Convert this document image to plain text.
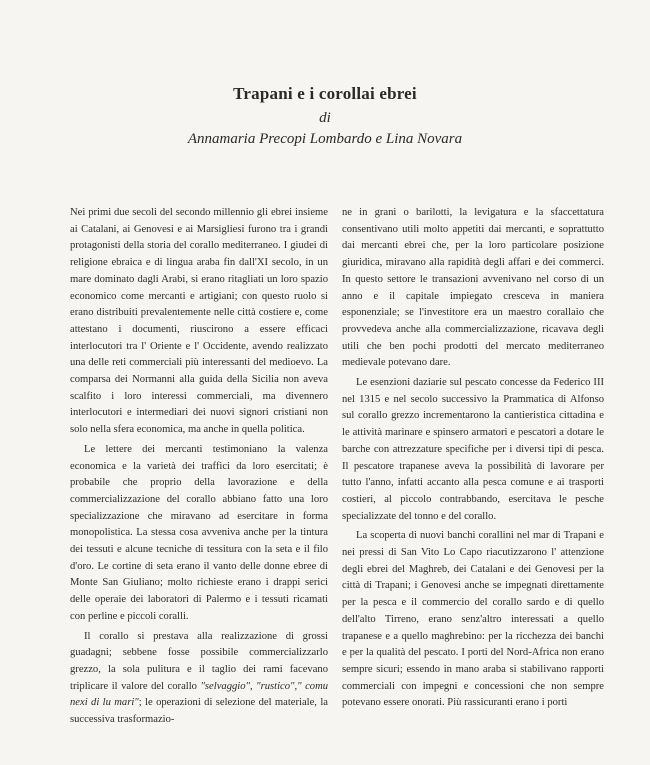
Trapani e i corollai ebrei

di

Annamaria Precopi Lombardo e Lina Novara

Nei primi due secoli del secondo millennio gli ebrei insieme ai Catalani, ai Genovesi e ai Marsigliesi furono tra i grandi protagonisti della storia del corallo mediterraneo. I giudei di religione ebraica e di lingua araba fin dall'XI secolo, in un mare dominato dagli Arabi, si erano ritagliati un loro spazio economico come mercanti e artigiani; con questo ruolo si erano distribuiti prevalentemente nelle città costiere e, come attestano i documenti, riuscirono a essere efficaci interlocutori tra l' Oriente e l' Occidente, avendo realizzato una delle reti commerciali più interessanti del medioevo. La comparsa dei Normanni alla guida della Sicilia non aveva scalfito i loro interessi commerciali, ma divennero interlocutori e intermediari dei nuovi signori cristiani non solo nella sfera economica, ma anche in quella politica.

Le lettere dei mercanti testimoniano la valenza economica e la varietà dei traffici da loro esercitati; è probabile che proprio della lavorazione e della commercializzazione del corallo abbiano fatto una loro specializzazione che miravano ad esercitare in forma monopolistica. La stessa cosa avveniva anche per la tintura dei tessuti e alcune tecniche di tessitura con la seta e il filo d'oro. Le cortine di seta erano il vanto delle donne ebree di Monte San Giuliano; molto richieste erano i drappi serici delle operaie dei laboratori di Palermo e i tessuti ricamati con perline e piccoli coralli.

Il corallo si prestava alla realizzazione di grossi guadagni; sebbene fosse possibile commercializzarlo grezzo, la sola pulitura e il taglio dei rami facevano triplicare il valore del corallo "selvaggio", "rustico"," comu nexi di lu mari"; le operazioni di selezione del materiale, la successiva trasformazio-

ne in grani o barilotti, la levigatura e la sfaccettatura consentivano utili molto appetiti dai mercanti, e soprattutto dai mercanti ebrei che, per la loro particolare posizione giuridica, miravano alla rapidità degli affari e dei commerci. In questo settore le transazioni avvenivano nel corso di un anno e il capitale impiegato cresceva in maniera esponenziale; se l'investitore era un maestro corallaio che provvedeva anche alla commercializzazione, ricavava degli utili che ben pochi prodotti del mercato mediterraneo medievale potevano dare.

Le esenzioni daziarie sul pescato concesse da Federico III nel 1315 e nel secolo successivo la Prammatica di Alfonso sul corallo grezzo incrementarono la cantieristica cittadina e le attività marinare e spinsero armatori e pescatori a dotare le barche con attrezzature specifiche per i diversi tipi di pesca. Il pescatore trapanese aveva la possibilità di lavorare per tutto l'anno, infatti accanto alla pesca comune e ai trasporti costieri, al piccolo contrabbando, esercitava le pesche specializzate del tonno e del corallo.

La scoperta di nuovi banchi corallini nel mar di Trapani e nei pressi di San Vito Lo Capo riacutizzarono l' attenzione degli ebrei del Maghreb, dei Catalani e dei Genovesi per la città di Trapani; i Genovesi anche se impegnati direttamente per la pesca e il commercio del corallo sardo e di quello dell'alto Tirreno, erano senz'altro interessati a quello trapanese e a quello maghrebino: per la ricchezza dei banchi e per la qualità del pescato. I porti del Nord-Africa non erano sempre sicuri; essendo in mano araba si stabilivano rapporti commerciali con impegni e concessioni che non sempre potevano essere onorati. Più rassicuranti erano i porti
